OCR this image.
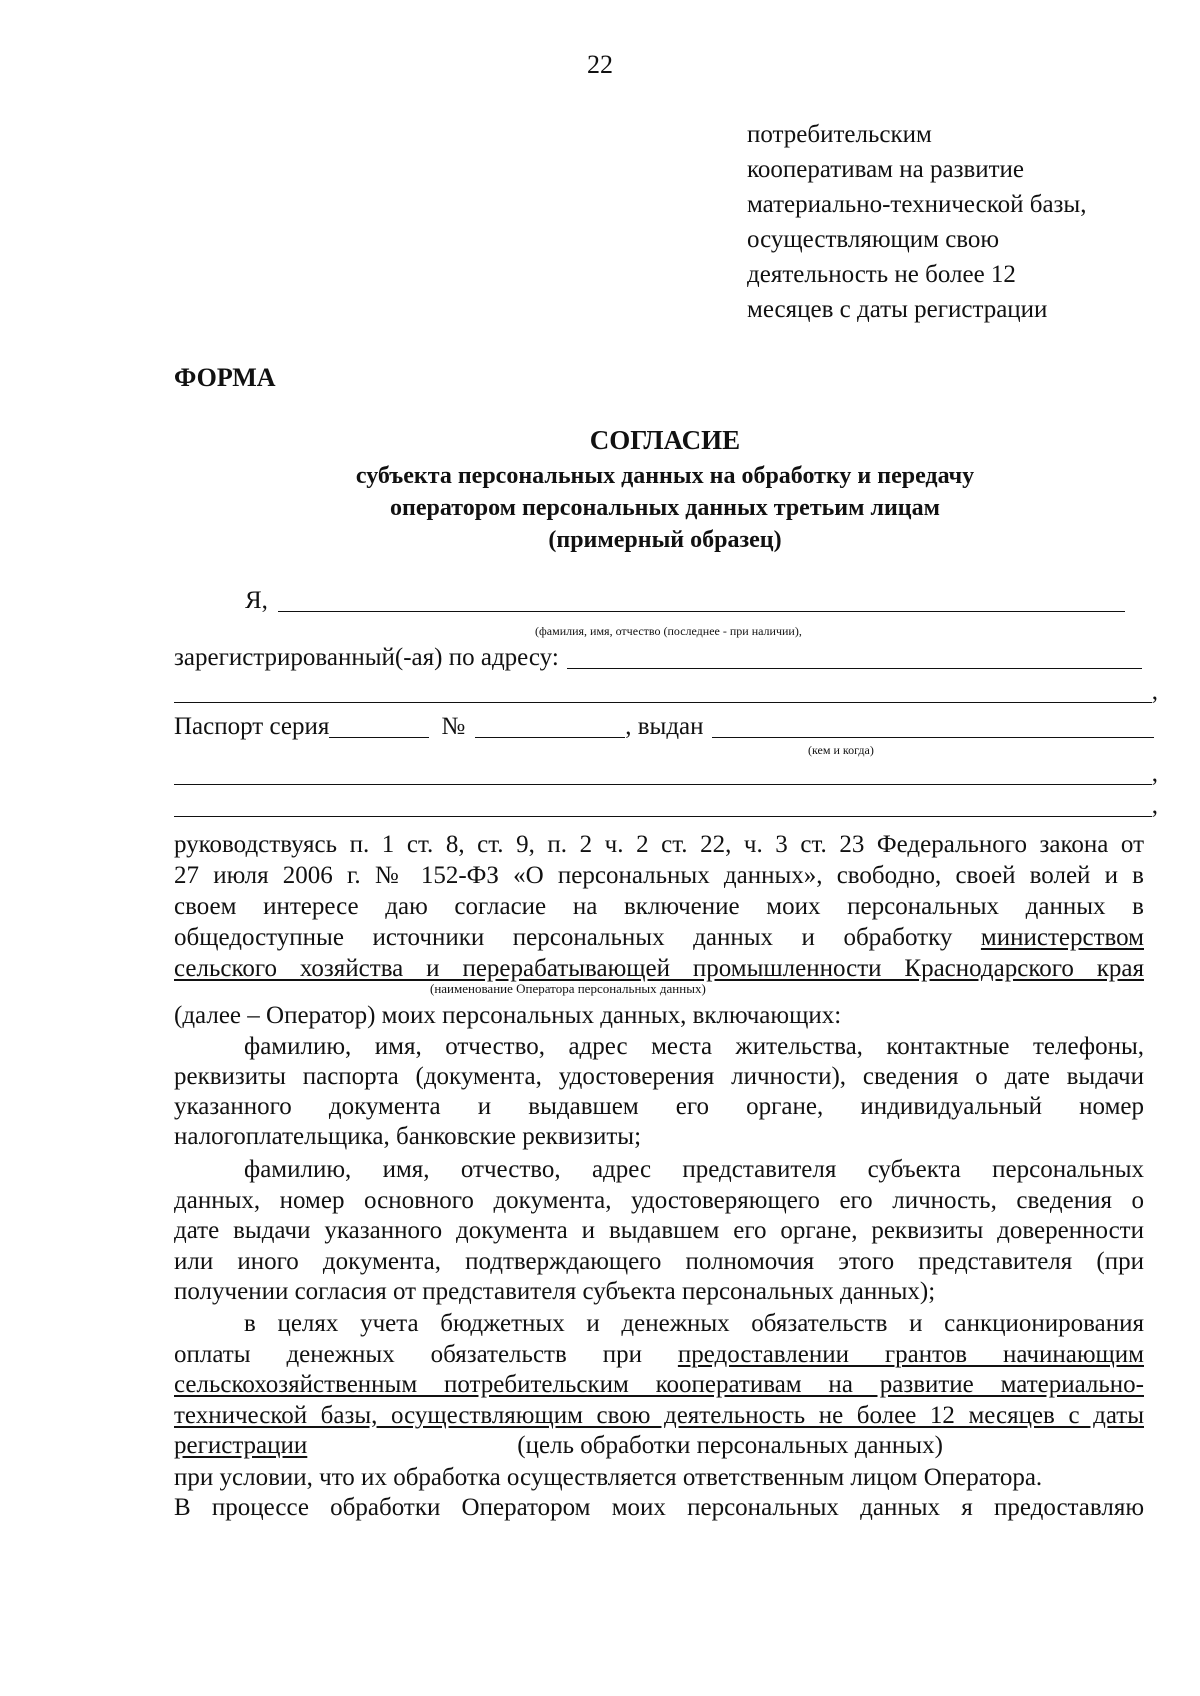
22
потребительским
кооперативам на развитие
материально-технической базы,
осуществляющим свою
деятельность не более 12
месяцев с даты регистрации
ФОРМА
СОГЛАСИЕ
субъекта персональных данных на обработку и передачу
оператором персональных данных третьим лицам
(примерный образец)
Я,
(фамилия, имя, отчество (последнее - при наличии),
зарегистрированный(-ая) по адресу:
,
Паспорт серия	№	, выдан
(кем и когда)
,
,
руководствуясь п. 1 ст. 8, ст. 9, п. 2 ч. 2 ст. 22, ч. 3 ст. 23 Федерального закона от
27 июля 2006 г. № 152-ФЗ «О персональных данных», свободно, своей волей и в
своем интересе даю согласие на включение моих персональных данных в
общедоступные источники персональных данных и обработку министерством
сельского хозяйства и перерабатывающей промышленности Краснодарского края
(наименование Оператора персональных данных)
(далее – Оператор) моих персональных данных, включающих:
фамилию, имя, отчество, адрес места жительства, контактные телефоны,
реквизиты паспорта (документа, удостоверения личности), сведения о дате выдачи
указанного документа и выдавшем его органе, индивидуальный номер
налогоплательщика, банковские реквизиты;
фамилию, имя, отчество, адрес представителя субъекта персональных
данных, номер основного документа, удостоверяющего его личность, сведения о
дате выдачи указанного документа и выдавшем его органе, реквизиты доверенности
или иного документа, подтверждающего полномочия этого представителя (при
получении согласия от представителя субъекта персональных данных);
в целях учета бюджетных и денежных обязательств и санкционирования
оплаты денежных обязательств при предоставлении грантов начинающим
сельскохозяйственным потребительским кооперативам на развитие материально-
технической базы, осуществляющим свою деятельность не более 12 месяцев с даты
регистрации	(цель обработки персональных данных)
при условии, что их обработка осуществляется ответственным лицом Оператора.
В процессе обработки Оператором моих персональных данных я предоставляю
